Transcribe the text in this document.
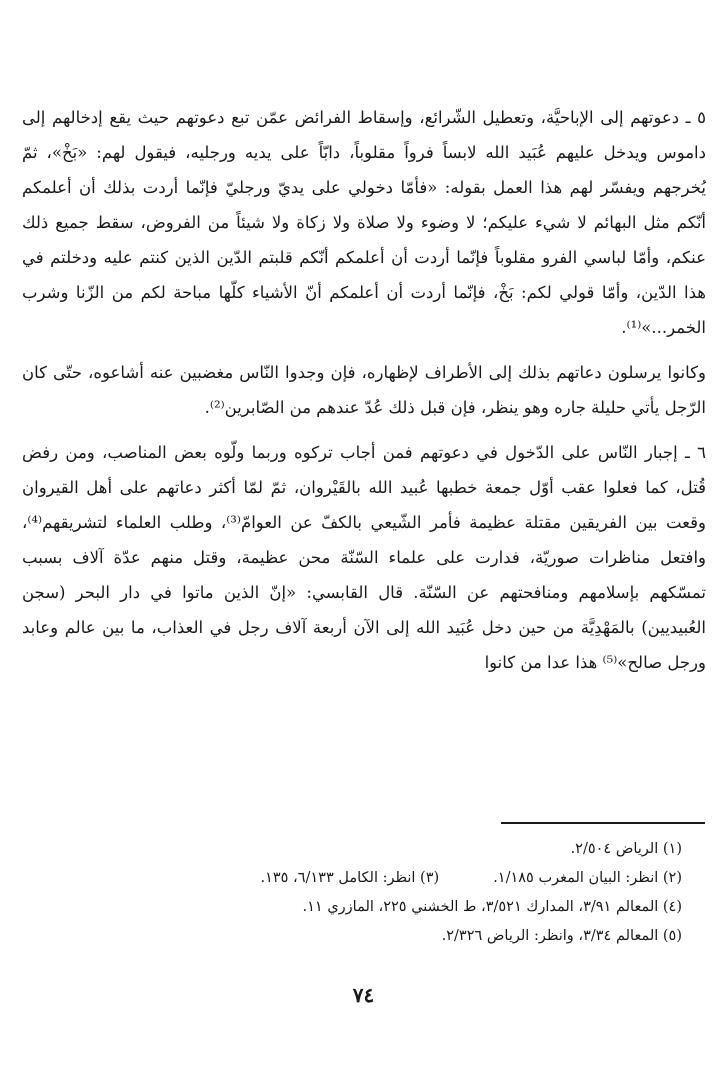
٥ ـ دعوتهم إلى الإباحيَّة، وتعطيل الشّرائع، وإسقاط الفرائض عمّن تبع دعوتهم حيث يقع إدخالهم إلى داموس ويدخل عليهم عُبَيد الله لابساً فرواً مقلوباً، دابّاً على يديه ورجليه، فيقول لهم: «بَخْ»، ثمّ يُخرجهم ويفسّر لهم هذا العمل بقوله: «فأمّا دخولي على يديّ ورجليّ فإنّما أردت بذلك أن أعلمكم أنّكم مثل البهائم لا شيء عليكم؛ لا وضوء ولا صلاة ولا زكاة ولا شيئاً من الفروض، سقط جميع ذلك عنكم، وأمّا لباسي الفرو مقلوباً فإنّما أردت أن أعلمكم أنّكم قلبتم الدّين الذين كنتم عليه ودخلتم في هذا الدّين، وأمّا قولي لكم: بَخْ، فإنّما أردت أن أعلمكم أنّ الأشياء كلّها مباحة لكم من الزّنا وشرب الخمر...»⁽¹⁾.

وكانوا يرسلون دعاتهم بذلك إلى الأطراف لإظهاره، فإن وجدوا النّاس مغضبين عنه أشاعوه، حتّى كان الرّجل يأتي حليلة جاره وهو ينظر، فإن قبل ذلك عُدّ عندهم من الصّابرين⁽²⁾.

٦ ـ إجبار النّاس على الدّخول في دعوتهم فمن أجاب تركوه وربما ولّوه بعض المناصب، ومن رفض قُتل، كما فعلوا عقب أوّل جمعة خطبها عُبيد الله بالقَيْروان، ثمّ لمّا أكثر دعاتهم على أهل القيروان وقعت بين الفريقين مقتلة عظيمة فأمر الشّيعي بالكفّ عن العوامّ⁽³⁾، وطلب العلماء لتشريقهم⁽⁴⁾، وافتعل مناظرات صوريّة، فدارت على علماء السّنّة محن عظيمة، وقتل منهم عدّة آلاف بسبب تمسّكهم بإسلامهم ومنافحتهم عن السّنّة. قال القابسي: «إنّ الذين ماتوا في دار البحر (سجن العُبيديين) بالمَهْدِيَّة من حين دخل عُبَيد الله إلى الآن أربعة آلاف رجل في العذاب، ما بين عالم وعابد ورجل صالح»⁽⁵⁾ هذا عدا من كانوا

(١) الرياض ٢/٥٠٤.

(٢) انظر: البيان المغرب ١/١٨٥.
(٣) انظر: الكامل ٦/١٣٣، ١٣٥.

(٤) المعالم ٣/٩١، المدارك ٣/٥٢١، ط الخشني ٢٢٥، المازري ١١.

(٥) المعالم ٣/٣٤، وانظر: الرياض ٢/٣٢٦.

٧٤
